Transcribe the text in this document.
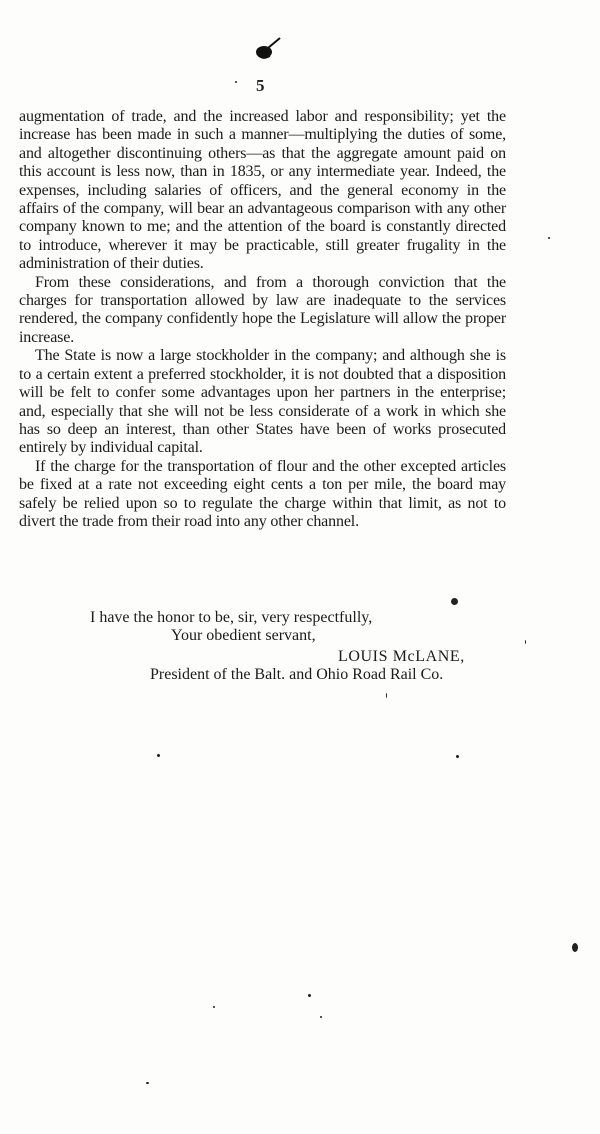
5

augmentation of trade, and the increased labor and responsibility; yet the increase has been made in such a manner—multiplying the duties of some, and altogether discontinuing others—as that the aggregate amount paid on this account is less now, than in 1835, or any intermediate year. Indeed, the expenses, including salaries of officers, and the general economy in the affairs of the company, will bear an advantageous comparison with any other company known to me; and the attention of the board is constantly directed to introduce, wherever it may be practicable, still greater frugality in the administration of their duties.

From these considerations, and from a thorough conviction that the charges for transportation allowed by law are inadequate to the services rendered, the company confidently hope the Legislature will allow the proper increase.

The State is now a large stockholder in the company; and although she is to a certain extent a preferred stockholder, it is not doubted that a disposition will be felt to confer some advantages upon her partners in the enterprise; and, especially that she will not be less considerate of a work in which she has so deep an interest, than other States have been of works prosecuted entirely by individual capital.

If the charge for the transportation of flour and the other excepted articles be fixed at a rate not exceeding eight cents a ton per mile, the board may safely be relied upon so to regulate the charge within that limit, as not to divert the trade from their road into any other channel.

I have the honor to be, sir, very respectfully,
Your obedient servant,
LOUIS McLANE,
President of the Balt. and Ohio Road Rail Co.
